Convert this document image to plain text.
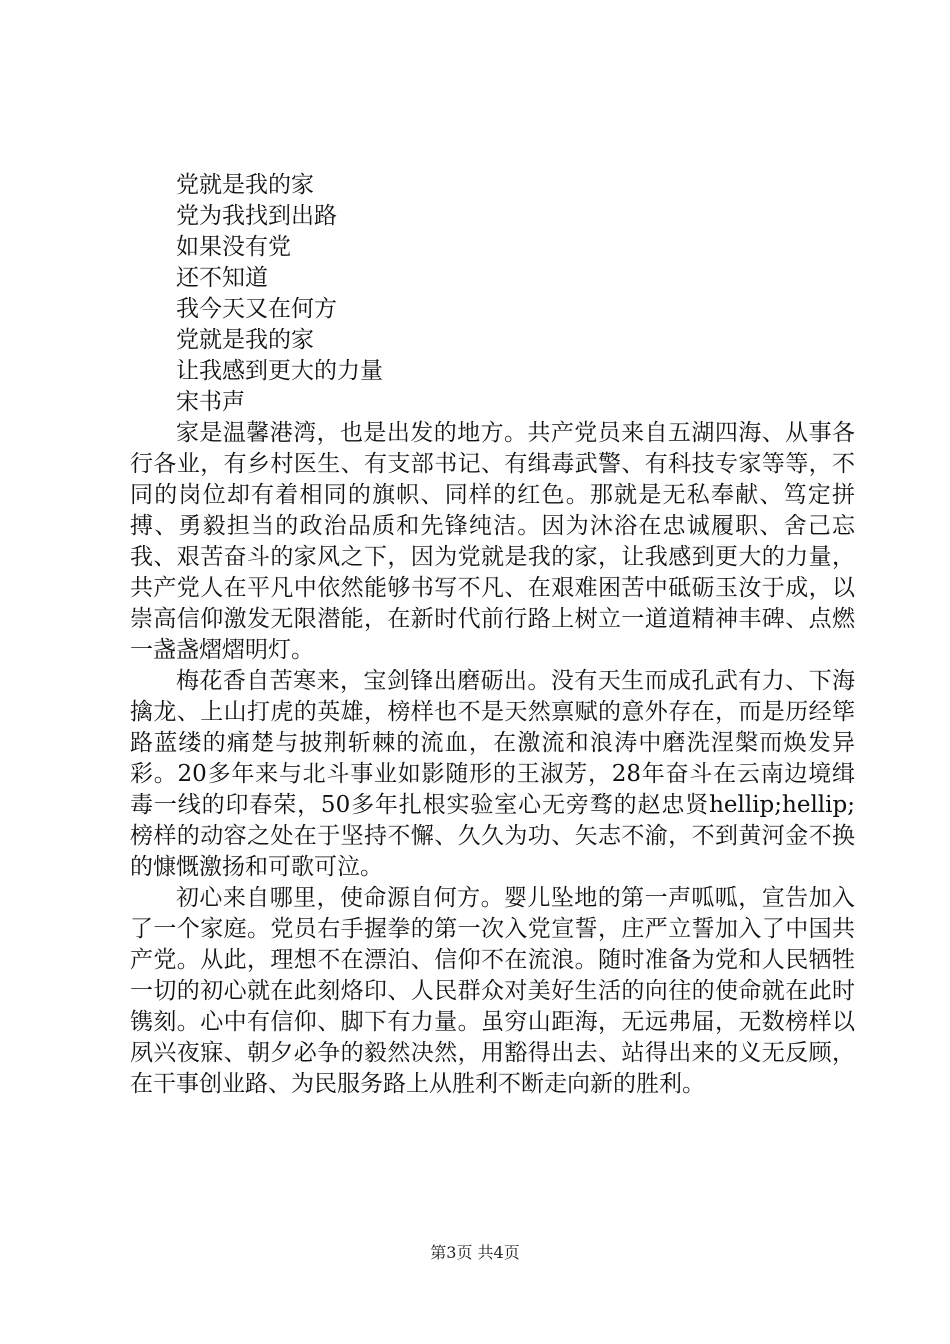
党就是我的家
党为我找到出路
如果没有党
还不知道
我今天又在何方
党就是我的家
让我感到更大的力量
宋书声

家是温馨港湾，也是出发的地方。共产党员来自五湖四海、从事各行各业，有乡村医生、有支部书记、有缉毒武警、有科技专家等等，不同的岗位却有着相同的旗帜、同样的红色。那就是无私奉献、笃定拼搏、勇毅担当的政治品质和先锋纯洁。因为沐浴在忠诚履职、舍己忘我、艰苦奋斗的家风之下，因为党就是我的家，让我感到更大的力量，共产党人在平凡中依然能够书写不凡、在艰难困苦中砥砺玉汝于成，以崇高信仰激发无限潜能，在新时代前行路上树立一道道精神丰碑、点燃一盏盏熠熠明灯。

梅花香自苦寒来，宝剑锋出磨砺出。没有天生而成孔武有力、下海擒龙、上山打虎的英雄，榜样也不是天然禀赋的意外存在，而是历经筚路蓝缕的痛楚与披荆斩棘的流血，在激流和浪涛中磨洗涅槃而焕发异彩。20多年来与北斗事业如影随形的王淑芳，28年奋斗在云南边境缉毒一线的印春荣，50多年扎根实验室心无旁骛的赵忠贤hellip;hellip;榜样的动容之处在于坚持不懈、久久为功、矢志不渝，不到黄河金不换的慷慨激扬和可歌可泣。

初心来自哪里，使命源自何方。婴儿坠地的第一声呱呱，宣告加入了一个家庭。党员右手握拳的第一次入党宣誓，庄严立誓加入了中国共产党。从此，理想不在漂泊、信仰不在流浪。随时准备为党和人民牺牲一切的初心就在此刻烙印、人民群众对美好生活的向往的使命就在此时镌刻。心中有信仰、脚下有力量。虽穷山距海，无远弗届，无数榜样以夙兴夜寐、朝夕必争的毅然决然，用豁得出去、站得出来的义无反顾，在干事创业路、为民服务路上从胜利不断走向新的胜利。

第3页 共4页
